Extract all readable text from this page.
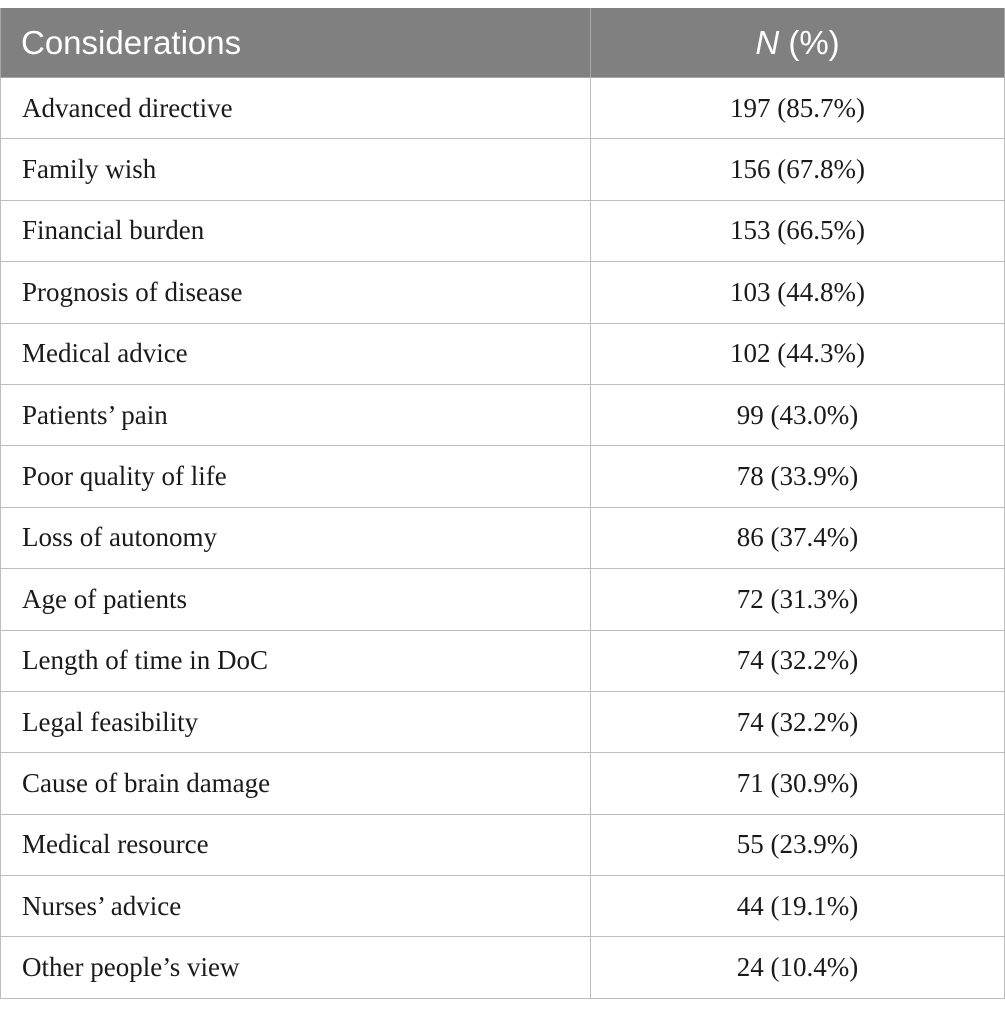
Considerations	N (%)
Advanced directive	197 (85.7%)
Family wish	156 (67.8%)
Financial burden	153 (66.5%)
Prognosis of disease	103 (44.8%)
Medical advice	102 (44.3%)
Patients’ pain	99 (43.0%)
Poor quality of life	78 (33.9%)
Loss of autonomy	86 (37.4%)
Age of patients	72 (31.3%)
Length of time in DoC	74 (32.2%)
Legal feasibility	74 (32.2%)
Cause of brain damage	71 (30.9%)
Medical resource	55 (23.9%)
Nurses’ advice	44 (19.1%)
Other people’s view	24 (10.4%)
